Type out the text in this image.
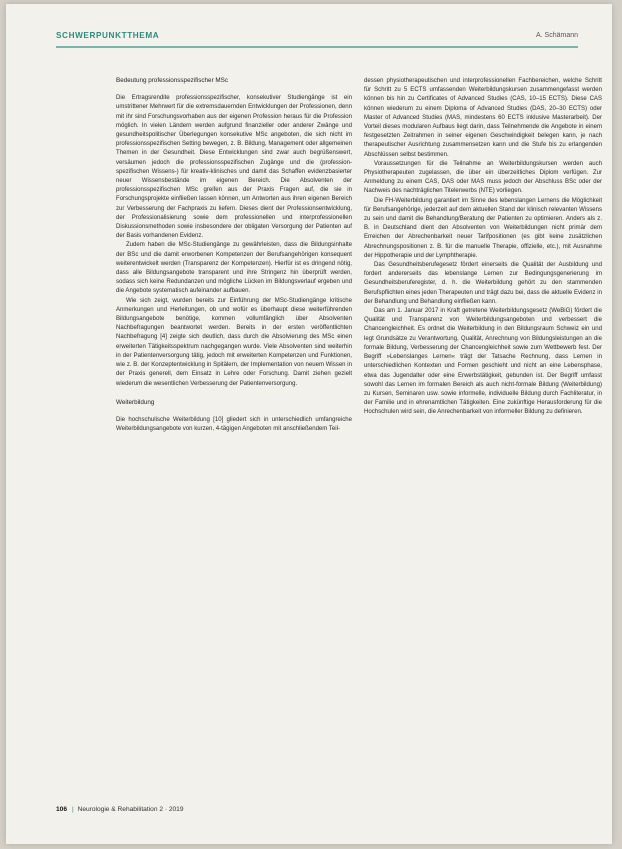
SCHWERPUNKTTHEMA	A. Schämann
Bedeutung professionsspezifischer MSc

Die Ertragsrendite professionsspezifischer, konsekutiver Studiengänge ist ein umstrittener Mehrwert für die extremsdauernden Entwicklungen der Professionen, denn mit ihr sind Forschungsvorhaben aus der eigenen Profession heraus für die Profession möglich. In vielen Ländern werden aufgrund finanzieller oder anderer Zwänge und gesundheitspolitischer Überlegungen konsekutive MSc angeboten, die sich nicht im professionsspezifischen Setting bewegen, z. B. Bildung, Management oder allgemeinen Themen in der Gesundheit. Diese Entwicklungen sind zwar auch begrüßenswert, versäumen jedoch die professionsspezifischen Zugänge und die (profession-spezifischen Wissens-) für kreativ-klinisches und damit das Schaffen evidenzbasierter neuer Wissensbestände im eigenen Bereich. Die Absolventen der professionsspezifischen MSc greifen aus der Praxis Fragen auf, die sie in Forschungsprojekte einfließen lassen können, um Antworten aus ihren eigenen Bereich zur Verbesserung der Fachpraxis zu liefern. Dieses dient der Professionsentwicklung, der Professionalisierung sowie dem professionellen und interprofessionellen Diskussionsmethoden sowie insbesondere der obligaten Versorgung der Patienten auf der Basis vorhandenen Evidenz.

Zudem haben die MSc-Studiengänge zu gewährleisten, dass die Bildungsinhalte der BSc und die damit erworbenen Kompetenzen der Berufsangehörigen konsequent weiterentwickelt werden (Transparenz der Kompetenzen). Hierfür ist es dringend nötig, dass alle Bildungsangebote transparent und ihre Stringenz hin überprüft werden, sodass sich keine Redundanzen und mögliche Lücken im Bildungsverlauf ergeben und die Angebote systematisch aufeinander aufbauen.

Wie sich zeigt, wurden bereits zur Einführung der MSc-Studiengänge kritische Anmerkungen und Herleitungen, ob und wofür es überhaupt diese weiterführenden Bildungsangebote benötige, kommen vollumfänglich über Absolventen Nachbefragungen beantwortet werden. Bereits in der ersten veröffentlichten Nachbefragung [4] zeigte sich deutlich, dass durch die Absolvierung des MSc einen erweiterten Tätigkeitsspektrum nachgegangen wurde. Viele Absolventen sind weiterhin in der Patientenversorgung tätig, jedoch mit erweiterten Kompetenzen und Funktionen, wie z. B. der Konzeptentwicklung in Spitälern, der Implementation von neuem Wissen in der Praxis generell, dem Einsatz in Lehre oder Forschung. Damit ziehen gezielt wiederum die wesentlichen Verbesserung der Patientenversorgung.

Weiterbildung

Die hochschulische Weiterbildung [10] gliedert sich in unterschiedlich umfangreiche Weiterbildungsangebote von kurzen, 4-tägigen Angeboten mit anschließendem Teil-

dessen physiotherapeutischen und interprofessionellen Fachbereichen, welche Schritt für Schritt zu 5 ECTS umfassenden Weiterbildungskursen zusammengefasst werden können bis hin zu Certificates of Advanced Studies (CAS, 10–15 ECTS). Diese CAS können wiederum zu einem Diploma of Advanced Studies (DAS, 20–30 ECTS) oder Master of Advanced Studies (MAS, mindestens 60 ECTS inklusive Masterarbeit). Der Vorteil dieses modularen Aufbaus liegt darin, dass Teilnehmende die Angebote in einem festgesetzten Zeitrahmen in seiner eigenen Geschwindigkeit belegen kann, je nach therapeutischer Ausrichtung zusammensetzen kann und die Stufe bis zu erlangenden Abschlüssen selbst bestimmen.

Voraussetzungen für die Teilnahme an Weiterbildungskursen werden auch Physiotherapeuten zugelassen, die über ein überzeitliches Diplom verfügen. Zur Anmeldung zu einem CAS, DAS oder MAS muss jedoch der Abschluss BSc oder der Nachweis des nachträglichen Titelerwerbs (NTE) vorliegen.

Die FH-Weiterbildung garantiert im Sinne des lebenslangen Lernens die Möglichkeit für Berufsangehörige, jederzeit auf dem aktuellen Stand der klinisch relevanten Wissens zu sein und damit die Behandlung/Beratung der Patienten zu optimieren. Anders als z. B. in Deutschland dient den Absolventen von Weiterbildungen nicht primär dem Erreichen der Abrechenbarkeit neuer Tarifpositionen (es gibt keine zusätzlichen Abrechnungspositionen z. B. für die manuelle Therapie, offizielle, etc.), mit Ausnahme der Hippotherapie und der Lymphtherapie.

Das Gesundheitsberufegesetz fördert einerseits die Qualität der Ausbildung und fordert andererseits das lebenslange Lernen zur Bedingungsgenerierung im Gesundheitsberuferegister, d. h. die Weiterbildung gehört zu den stammenden Berufspflichten eines jeden Therapeuten und trägt dazu bei, dass die aktuelle Evidenz in der Behandlung und Behandlung einfließen kann.

Das am 1. Januar 2017 in Kraft getretene Weiterbildungsgesetz (WeBiG) fördert die Qualität und Transparenz von Weiterbildungsangeboten und verbessert die Chancengleichheit. Es ordnet die Weiterbildung in den Bildungsraum Schweiz ein und legt Grundsätze zu Verantwortung, Qualität, Anrechnung von Bildungsleistungen an die formale Bildung, Verbesserung der Chancengleichheit sowie zum Wettbewerb fest. Der Begriff »Lebenslanges Lernen« trägt der Tatsache Rechnung, dass Lernen in unterschiedlichen Kontexten und Formen geschieht und nicht an eine Lebensphase, etwa das Jugendalter oder eine Erwerbstätigkeit, gebunden ist. Der Begriff umfasst sowohl das Lernen im formalen Bereich als auch nicht-formale Bildung (Weiterbildung) zu Kursen, Seminaren usw. sowie informelle, individuelle Bildung durch Fachliteratur, in der Familie und in ehrenamtlichen Tätigkeiten. Eine zukünftige Herausforderung für die Hochschulen wird sein, die Anrechenbarkeit von informeller Bildung zu definieren.

106 | Neurologie & Rehabilitation 2 · 2019
